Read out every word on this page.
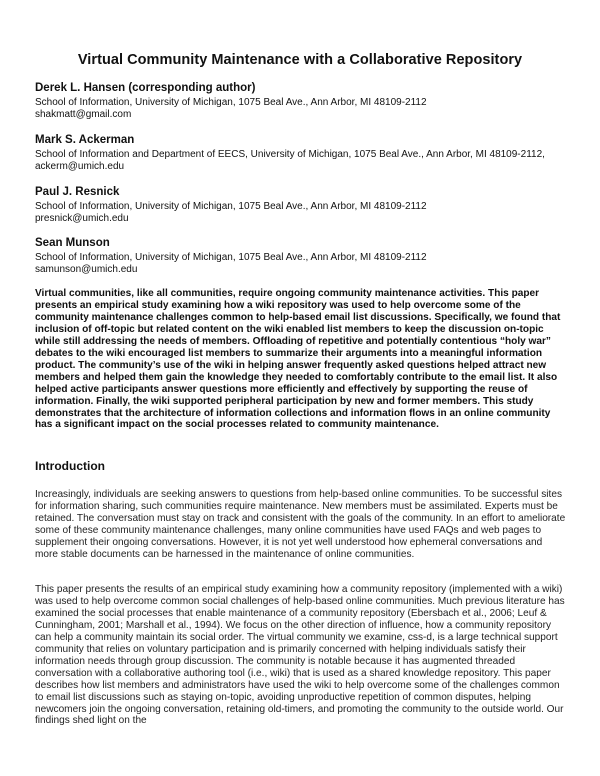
Virtual Community Maintenance with a Collaborative Repository
Derek L. Hansen (corresponding author)
School of Information, University of Michigan, 1075 Beal Ave., Ann Arbor, MI 48109-2112
shakmatt@gmail.com
Mark S. Ackerman
School of Information and Department of EECS, University of Michigan, 1075 Beal Ave., Ann Arbor, MI 48109-2112, ackerm@umich.edu
Paul J. Resnick
School of Information, University of Michigan, 1075 Beal Ave., Ann Arbor, MI 48109-2112
presnick@umich.edu
Sean Munson
School of Information, University of Michigan, 1075 Beal Ave., Ann Arbor, MI 48109-2112
samunson@umich.edu
Virtual communities, like all communities, require ongoing community maintenance activities. This paper presents an empirical study examining how a wiki repository was used to help overcome some of the community maintenance challenges common to help-based email list discussions. Specifically, we found that inclusion of off-topic but related content on the wiki enabled list members to keep the discussion on-topic while still addressing the needs of members. Offloading of repetitive and potentially contentious “holy war” debates to the wiki encouraged list members to summarize their arguments into a meaningful information product. The community’s use of the wiki in helping answer frequently asked questions helped attract new members and helped them gain the knowledge they needed to comfortably contribute to the email list. It also helped active participants answer questions more efficiently and effectively by supporting the reuse of information. Finally, the wiki supported peripheral participation by new and former members. This study demonstrates that the architecture of information collections and information flows in an online community has a significant impact on the social processes related to community maintenance.
Introduction
Increasingly, individuals are seeking answers to questions from help-based online communities. To be successful sites for information sharing, such communities require maintenance. New members must be assimilated. Experts must be retained. The conversation must stay on track and consistent with the goals of the community. In an effort to ameliorate some of these community maintenance challenges, many online communities have used FAQs and web pages to supplement their ongoing conversations. However, it is not yet well understood how ephemeral conversations and more stable documents can be harnessed in the maintenance of online communities.
This paper presents the results of an empirical study examining how a community repository (implemented with a wiki) was used to help overcome common social challenges of help-based online communities. Much previous literature has examined the social processes that enable maintenance of a community repository (Ebersbach et al., 2006; Leuf & Cunningham, 2001; Marshall et al., 1994). We focus on the other direction of influence, how a community repository can help a community maintain its social order. The virtual community we examine, css-d, is a large technical support community that relies on voluntary participation and is primarily concerned with helping individuals satisfy their information needs through group discussion. The community is notable because it has augmented threaded conversation with a collaborative authoring tool (i.e., wiki) that is used as a shared knowledge repository. This paper describes how list members and administrators have used the wiki to help overcome some of the challenges common to email list discussions such as staying on-topic, avoiding unproductive repetition of common disputes, helping newcomers join the ongoing conversation, retaining old-timers, and promoting the community to the outside world. Our findings shed light on the
